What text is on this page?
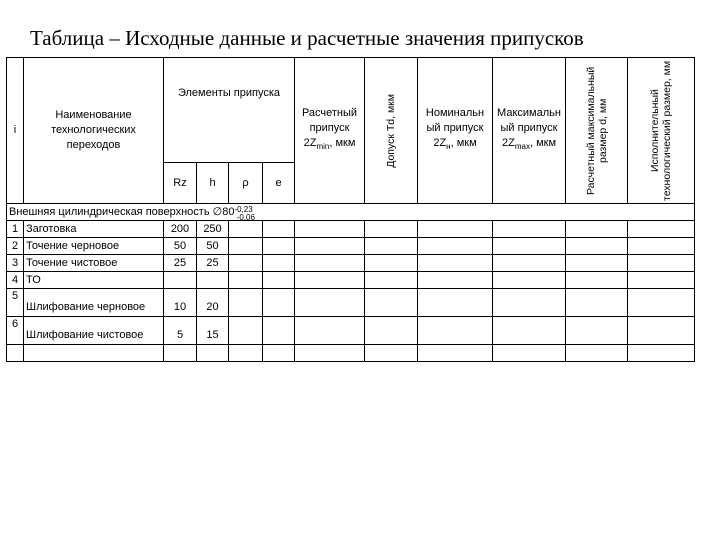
Таблица – Исходные данные и расчетные значения припусков
i	Наименование технологических переходов	Элементы припуска				Расчетный припуск $2Z_{min}$, мкм	Допуск Td, мкм	Номинальн ый припуск $2Z_н$, мкм	Максимальн ый припуск $2Z_{max}$, мкм	Расчетный максимальный размер d, мм	Исполнительный технологический размер, мм

		Rz	h	ρ	e						
Внешняя цилиндрическая поверхность $\emptyset 80^{-0,23}_{-0,06}$
1	Заготовка	200	250								
2	Точение черновое	50	50								
3	Точение чистовое	25	25								
4	ТО										
5	Шлифование черновое	10	20								
6	Шлифование чистовое	5	15								
